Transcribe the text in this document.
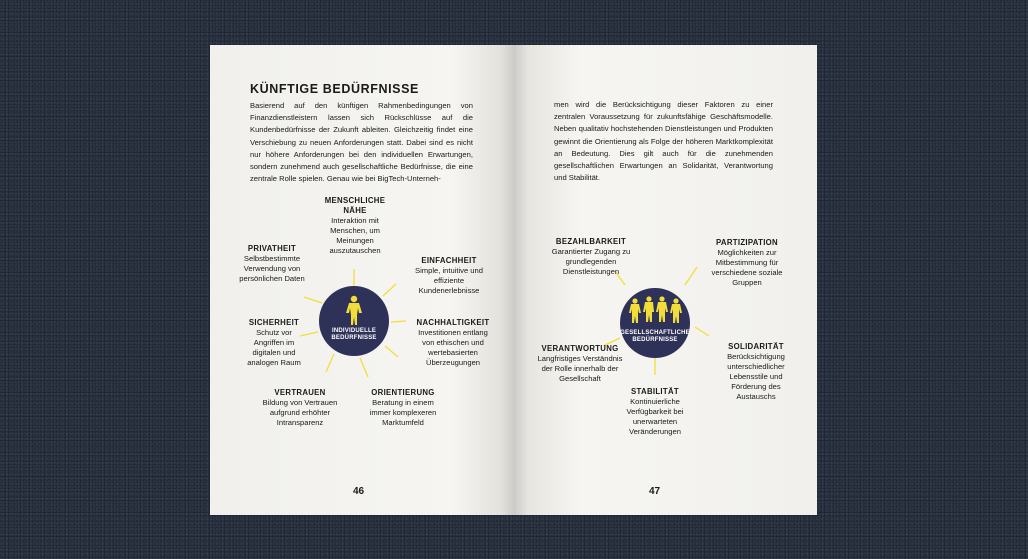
KÜNFTIGE BEDÜRFNISSE
Basierend auf den künftigen Rahmenbedingungen von Finanzdienstleistern lassen sich Rückschlüsse auf die Kundenbedürfnisse der Zukunft ableiten. Gleichzeitig findet eine Verschiebung zu neuen Anforderungen statt. Dabei sind es nicht nur höhere Anforderungen bei den individuellen Erwartungen, sondern zunehmend auch gesellschaftliche Bedürfnisse, die eine zentrale Rolle spielen. Genau wie bei BigTech-Unterneh-
INDIVIDUELLE BEDÜRFNISSE
MENSCHLICHE NÄHE
Interaktion mit Menschen, um Meinungen auszutauschen
EINFACHHEIT
Simple, intuitive und effiziente Kundenerlebnisse
NACHHALTIGKEIT
Investitionen entlang von ethischen und wertebasierten Überzeugungen
ORIENTIERUNG
Beratung in einem immer komplexeren Marktumfeld
VERTRAUEN
Bildung von Vertrauen aufgrund erhöhter Intransparenz
SICHERHEIT
Schutz vor Angriffen im digitalen und analogen Raum
PRIVATHEIT
Selbstbestimmte Verwendung von persönlichen Daten
46
men wird die Berücksichtigung dieser Faktoren zu einer zentralen Voraussetzung für zukunftsfähige Geschäftsmodelle. Neben qualitativ hochstehenden Dienstleistungen und Produkten gewinnt die Orientierung als Folge der höheren Marktkomplexität an Bedeutung. Dies gilt auch für die zunehmenden gesellschaftlichen Erwartungen an Solidarität, Verantwortung und Stabilität.
GESELLSCHAFTLICHE BEDÜRFNISSE
BEZAHLBARKEIT
Garantierter Zugang zu grundlegenden Dienstleistungen
PARTIZIPATION
Möglichkeiten zur Mitbestimmung für verschiedene soziale Gruppen
SOLIDARITÄT
Berücksichtigung unterschiedlicher Lebensstile und Förderung des Austauschs
STABILITÄT
Kontinuierliche Verfügbarkeit bei unerwarteten Veränderungen
VERANTWORTUNG
Langfristiges Verständnis der Rolle innerhalb der Gesellschaft
47
